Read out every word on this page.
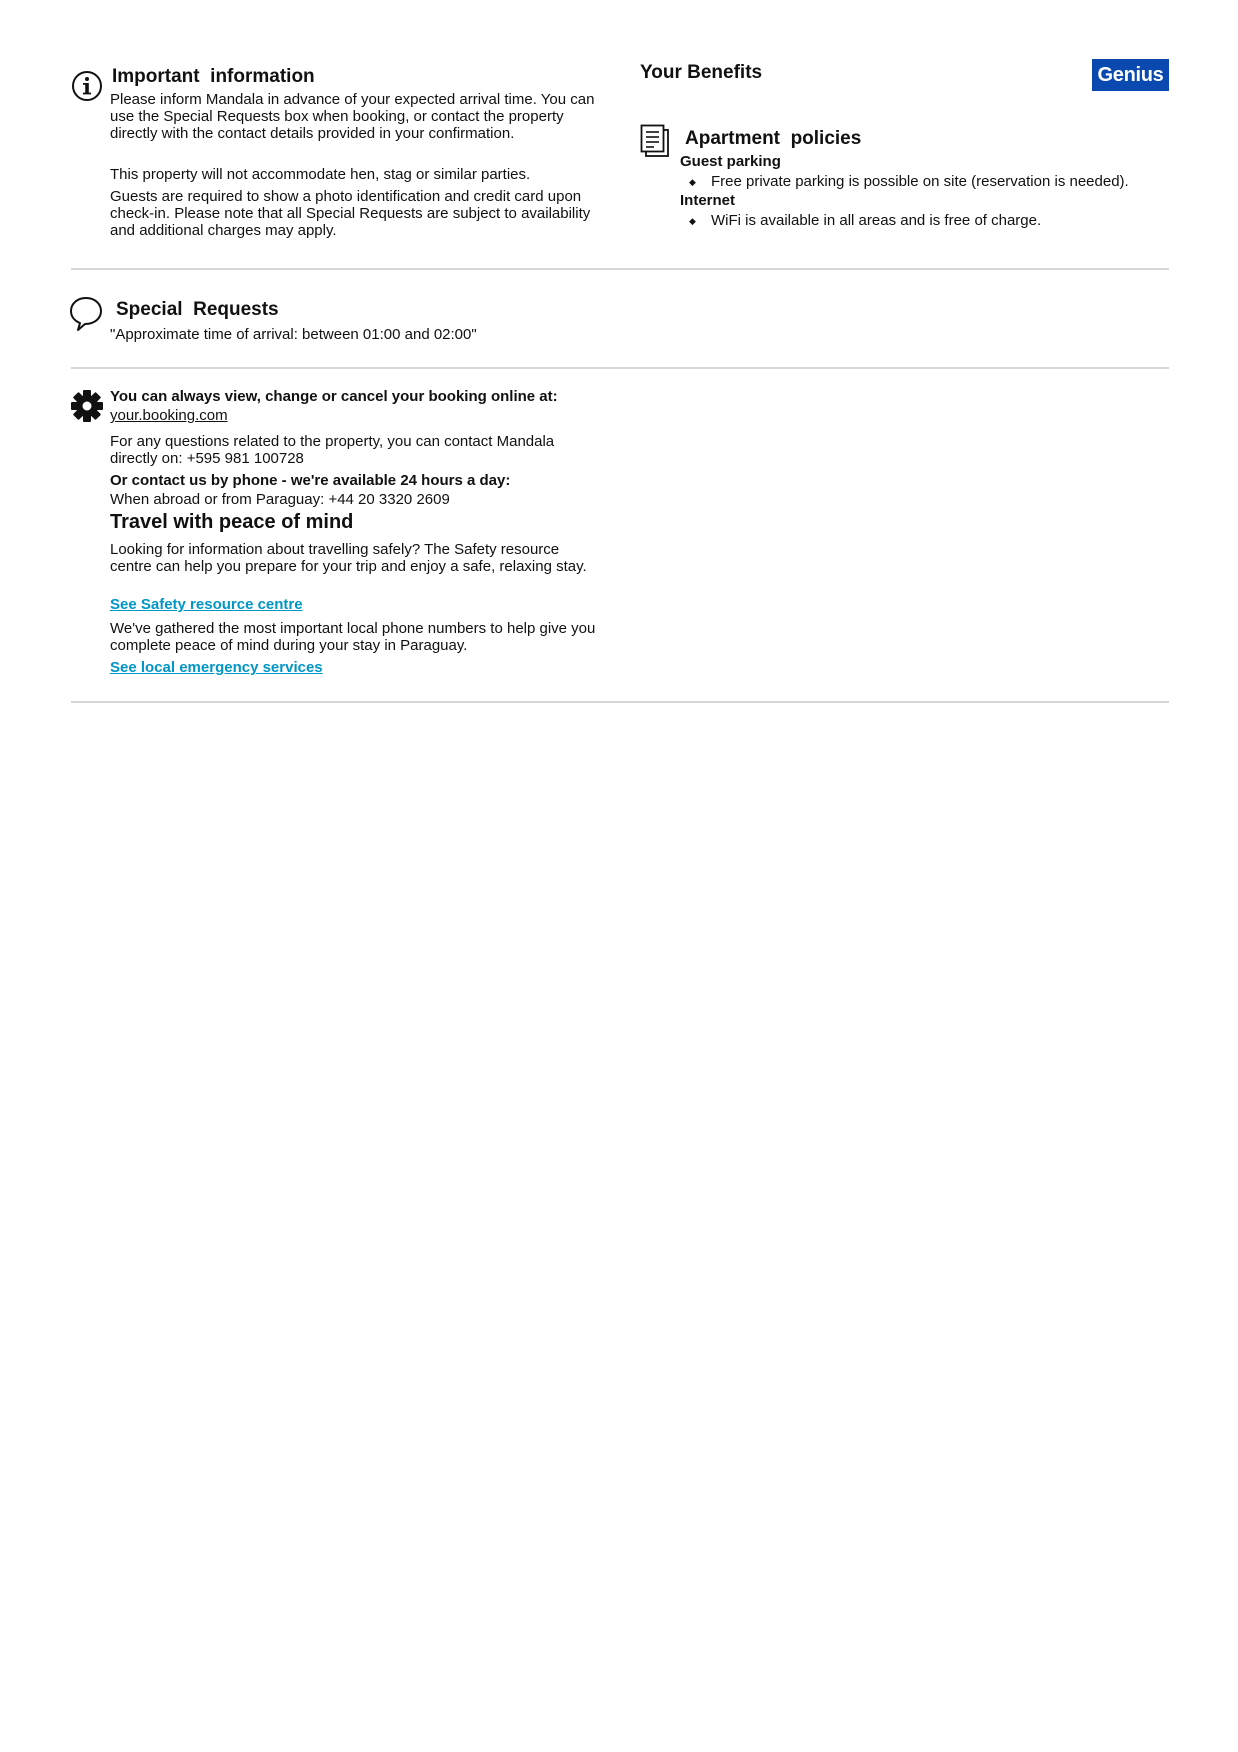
Important  information
Please inform Mandala in advance of your expected arrival time. You can use the Special Requests box when booking, or contact the property directly with the contact details provided in your confirmation.
This property will not accommodate hen, stag or similar parties.
Guests are required to show a photo identification and credit card upon check-in. Please note that all Special Requests are subject to availability and additional charges may apply.
Your Benefits	Genius
Apartment  policies
Guest parking
◆ Free private parking is possible on site (reservation is needed).
Internet
◆ WiFi is available in all areas and is free of charge.
Special  Requests
"Approximate time of arrival: between 01:00 and 02:00"
You can always view, change or cancel your booking online at:
your.booking.com
For any questions related to the property, you can contact Mandala directly on: +595 981 100728
Or contact us by phone - we're available 24 hours a day:
When abroad or from Paraguay: +44 20 3320 2609
Travel with peace of mind
Looking for information about travelling safely? The Safety resource centre can help you prepare for your trip and enjoy a safe, relaxing stay.
See Safety resource centre
We've gathered the most important local phone numbers to help give you complete peace of mind during your stay in Paraguay.
See local emergency services
